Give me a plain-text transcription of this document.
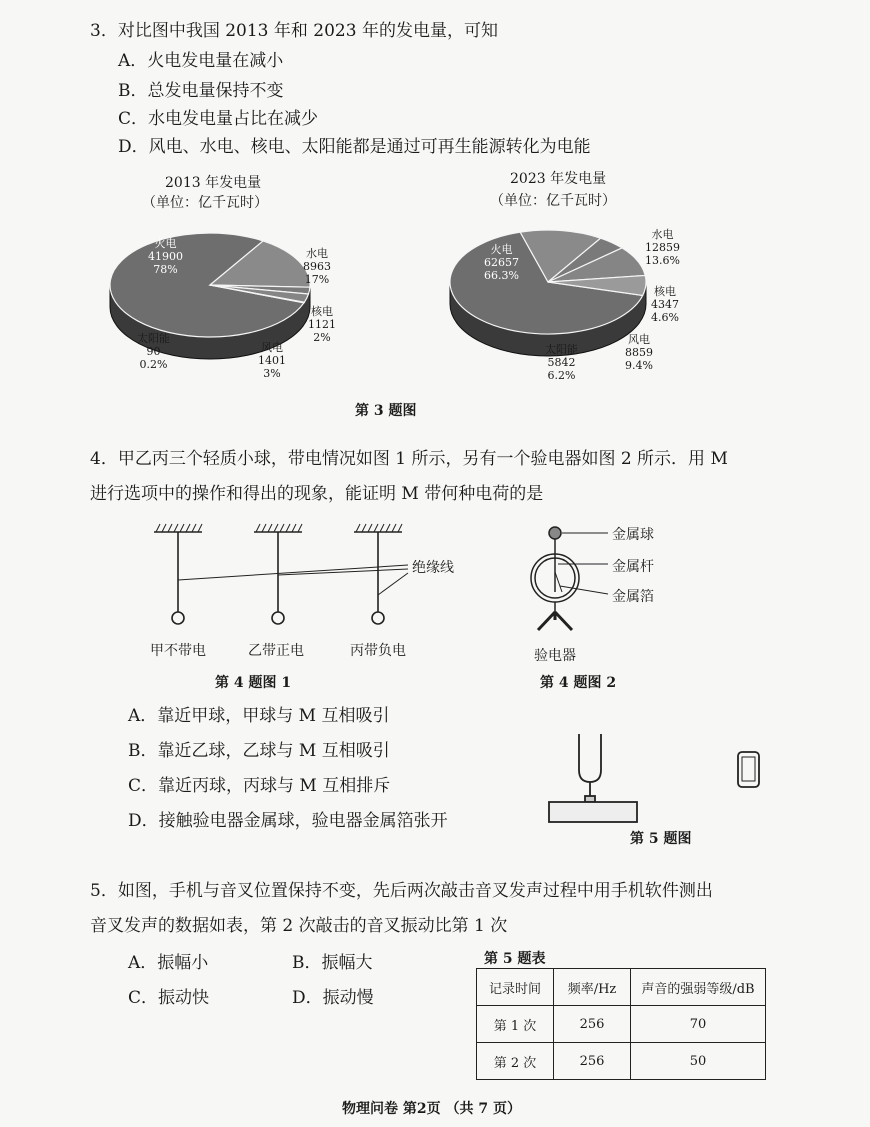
3．对比图中我国 2013 年和 2023 年的发电量，可知
A．火电发电量在减小
B．总发电量保持不变
C．水电发电量占比在减少
D．风电、水电、核电、太阳能都是通过可再生能源转化为电能
2013 年发电量
（单位：亿千瓦时）
火电
41900
78%
水电
8963
17%
核电
1121
2%
风电
1401
3%
太阳能
90
0.2%
2023 年发电量
（单位：亿千瓦时）
火电
62657
66.3%
水电
12859
13.6%
核电
4347
4.6%
风电
8859
9.4%
太阳能
5842
6.2%
第 3 题图
4．甲乙丙三个轻质小球，带电情况如图 1 所示，另有一个验电器如图 2 所示．用 M
进行选项中的操作和得出的现象，能证明 M 带何种电荷的是
绝缘线
甲不带电	乙带正电	丙带负电
第 4 题图 1
金属球
金属杆
金属箔
验电器
第 4 题图 2
A．靠近甲球，甲球与 M 互相吸引
B．靠近乙球，乙球与 M 互相吸引
C．靠近丙球，丙球与 M 互相排斥
D．接触验电器金属球，验电器金属箔张开
第 5 题图
5．如图，手机与音叉位置保持不变，先后两次敲击音叉发声过程中用手机软件测出
音叉发声的数据如表，第 2 次敲击的音叉振动比第 1 次
A．振幅小	B．振幅大
C．振动快	D．振动慢
第 5 题表
记录时间	频率/Hz	声音的强弱等级/dB
第 1 次	256	70
第 2 次	256	50
物理问卷 第2页 （共 7 页）
